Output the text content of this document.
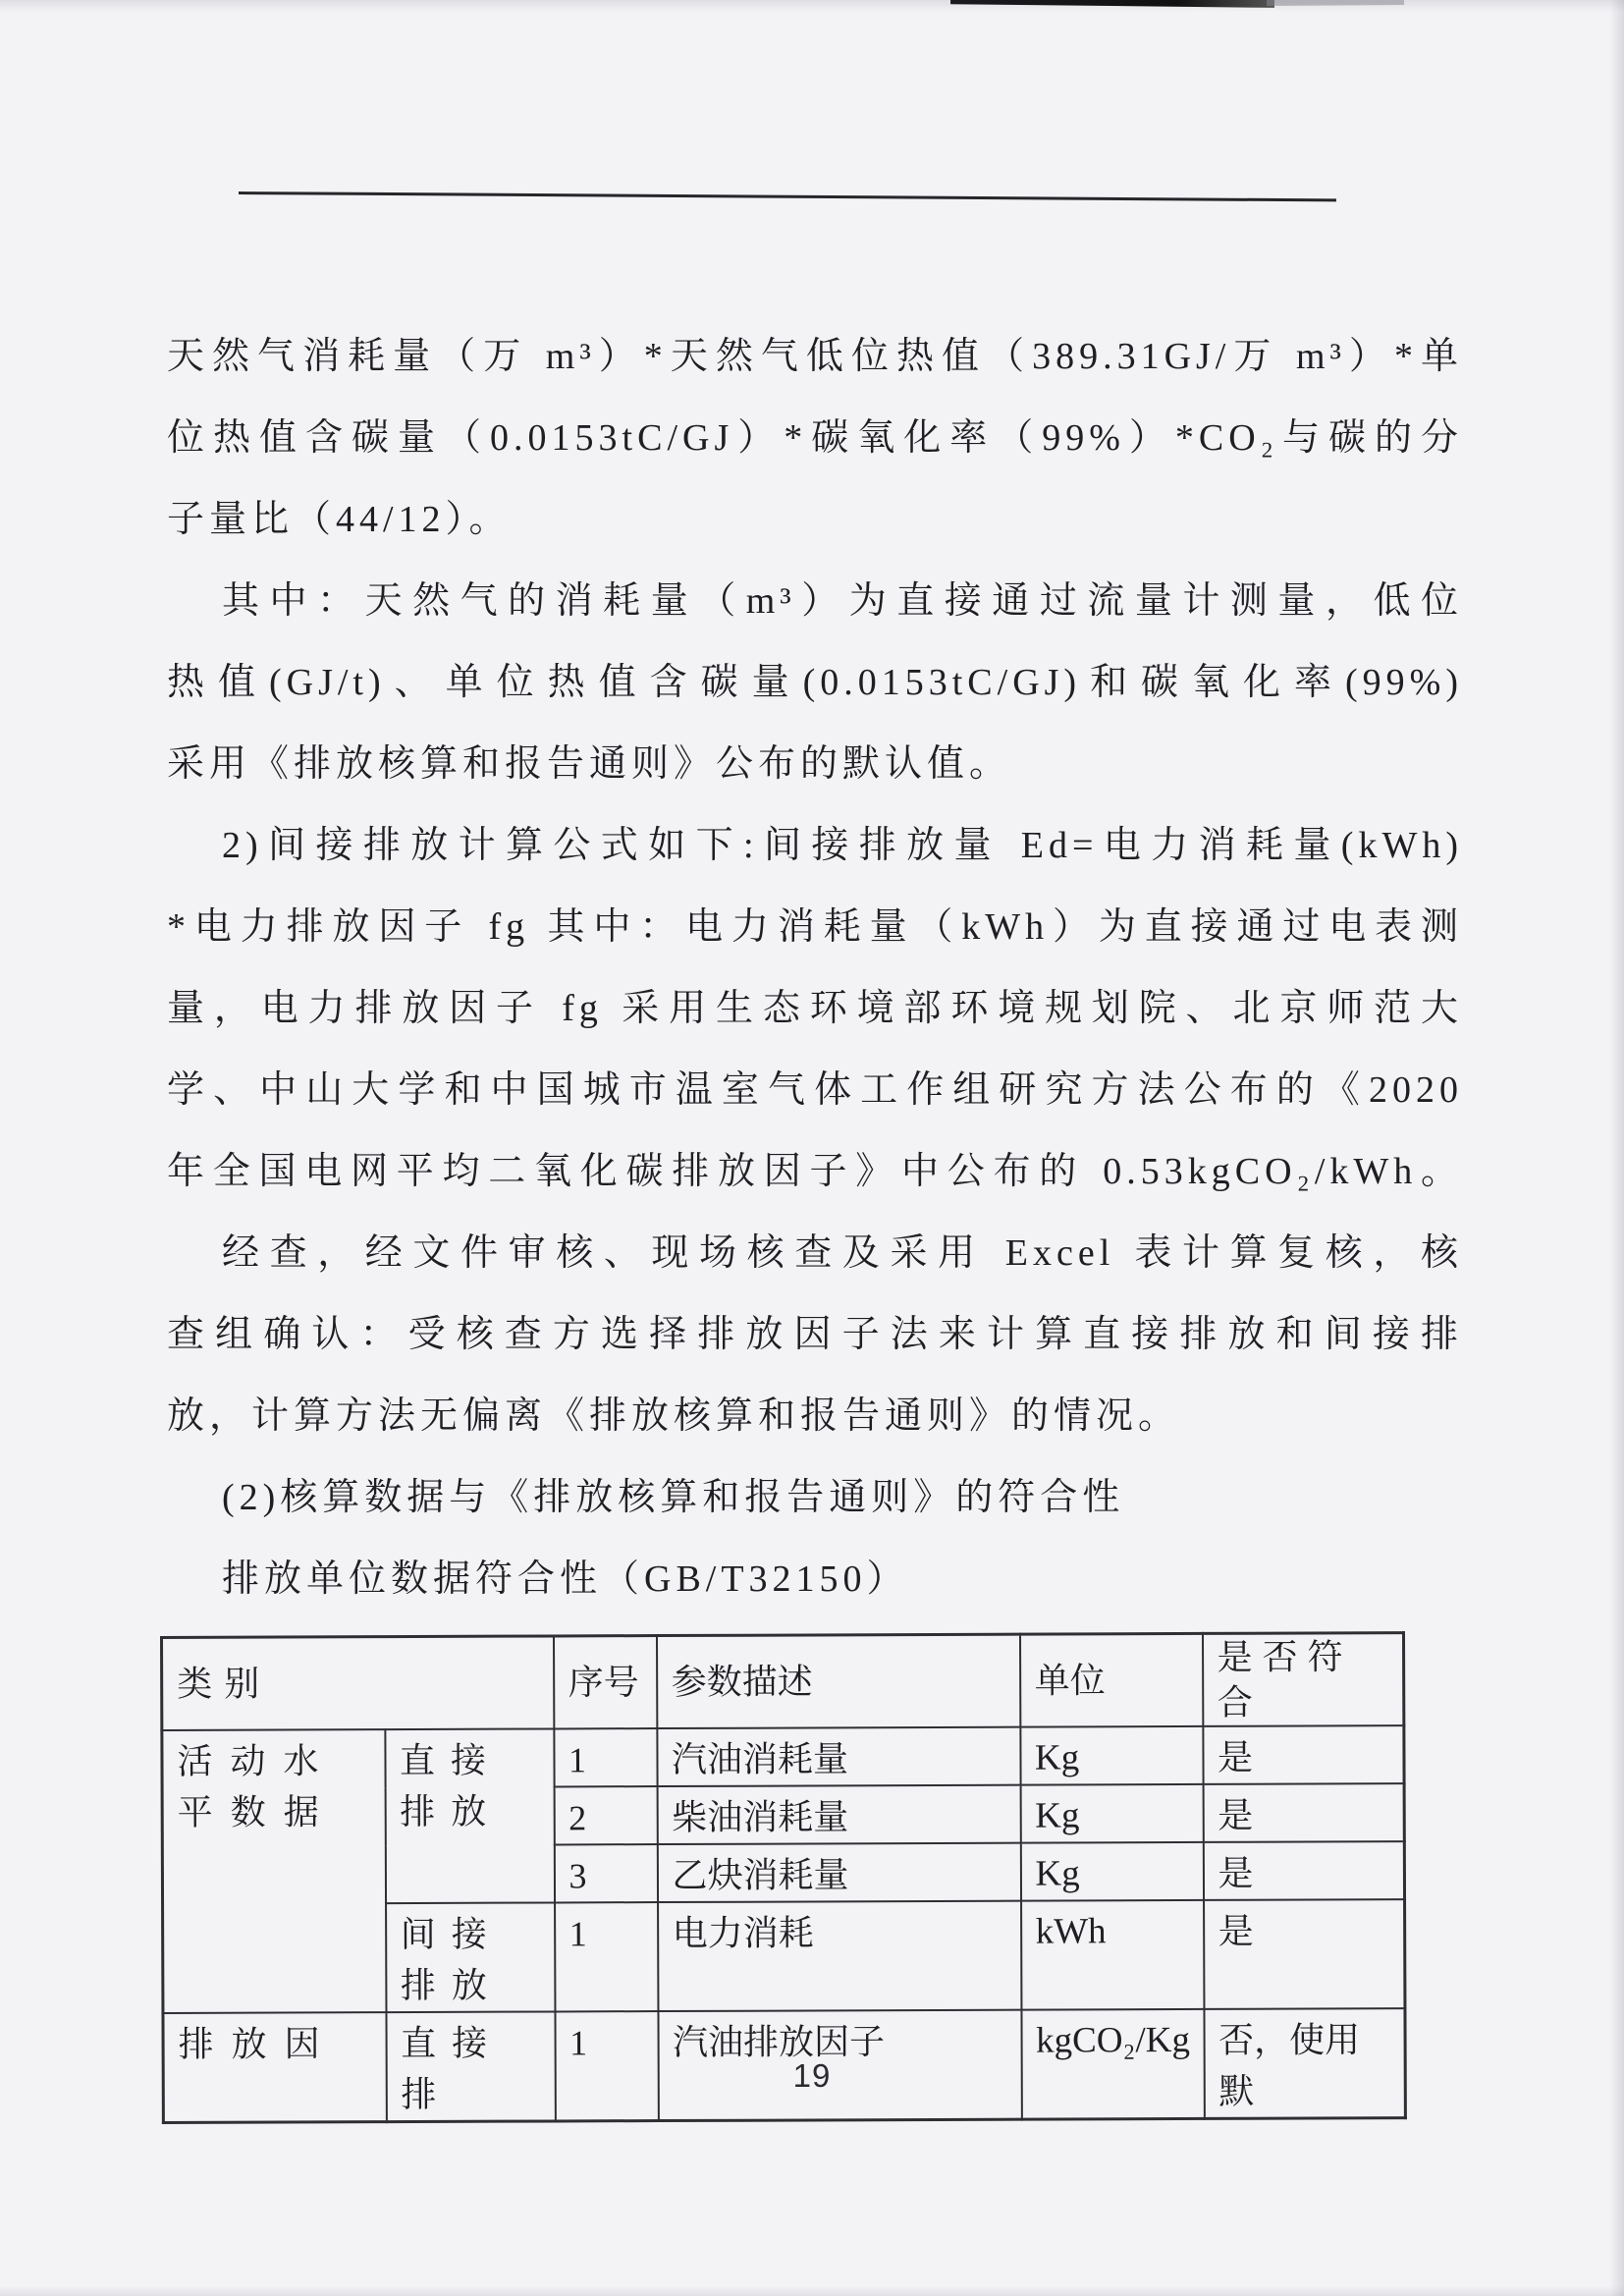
天然气消耗量（万 m³）*天然气低位热值（389.31GJ/万 m³）*单
位热值含碳量（0.0153tC/GJ）*碳氧化率（99%）*CO₂与碳的分
子量比（44/12）。
其中：天然气的消耗量（m³）为直接通过流量计测量，低位
热值(GJ/t)、单位热值含碳量(0.0153tC/GJ)和碳氧化率(99%)
采用《排放核算和报告通则》公布的默认值。
2)间接排放计算公式如下:间接排放量 Ed=电力消耗量(kWh)
*电力排放因子 fg 其中：电力消耗量（kWh）为直接通过电表测
量，电力排放因子 fg 采用生态环境部环境规划院、北京师范大
学、中山大学和中国城市温室气体工作组研究方法公布的《2020
年全国电网平均二氧化碳排放因子》中公布的 0.53kgCO₂/kWh。
经查，经文件审核、现场核查及采用 Excel 表计算复核，核
查组确认：受核查方选择排放因子法来计算直接排放和间接排
放，计算方法无偏离《排放核算和报告通则》的情况。
(2)核算数据与《排放核算和报告通则》的符合性
排放单位数据符合性（GB/T32150）
类别		序号	参数描述	单位	是否符合
活动水平数据	直接排放	1	汽油消耗量	Kg	是
		2	柴油消耗量	Kg	是
		3	乙炔消耗量	Kg	是
	间接排放	1	电力消耗	kWh	是
排放因	直接排	1	汽油排放因子	kgCO₂/Kg	否，使用默
19
